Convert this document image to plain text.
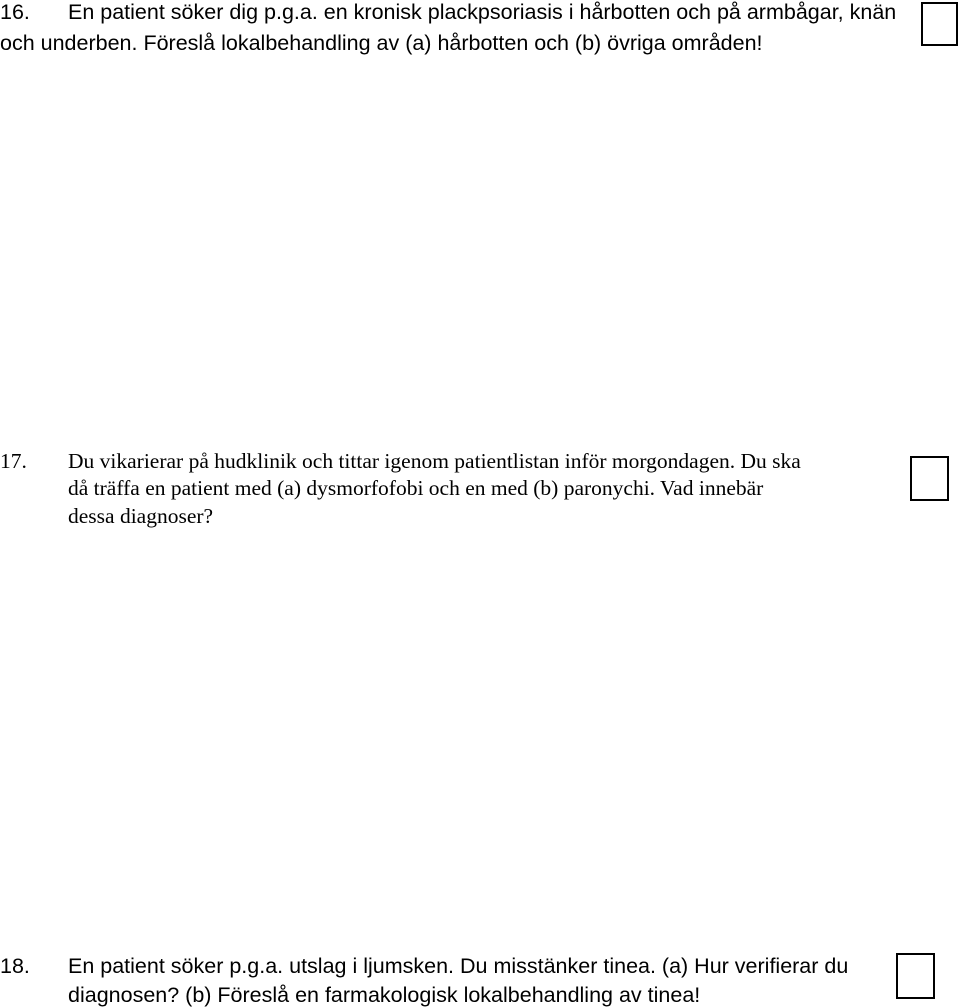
16. En patient söker dig p.g.a. en kronisk plackpsoriasis i hårbotten och på armbågar, knän
och underben. Föreslå lokalbehandling av (a) hårbotten och (b) övriga områden!
17. Du vikarierar på hudklinik och tittar igenom patientlistan inför morgondagen. Du ska
då träffa en patient med (a) dysmorfofobi och en med (b) paronychi. Vad innebär
dessa diagnoser?
18. En patient söker p.g.a. utslag i ljumsken. Du misstänker tinea. (a) Hur verifierar du
diagnosen? (b) Föreslå en farmakologisk lokalbehandling av tinea!
